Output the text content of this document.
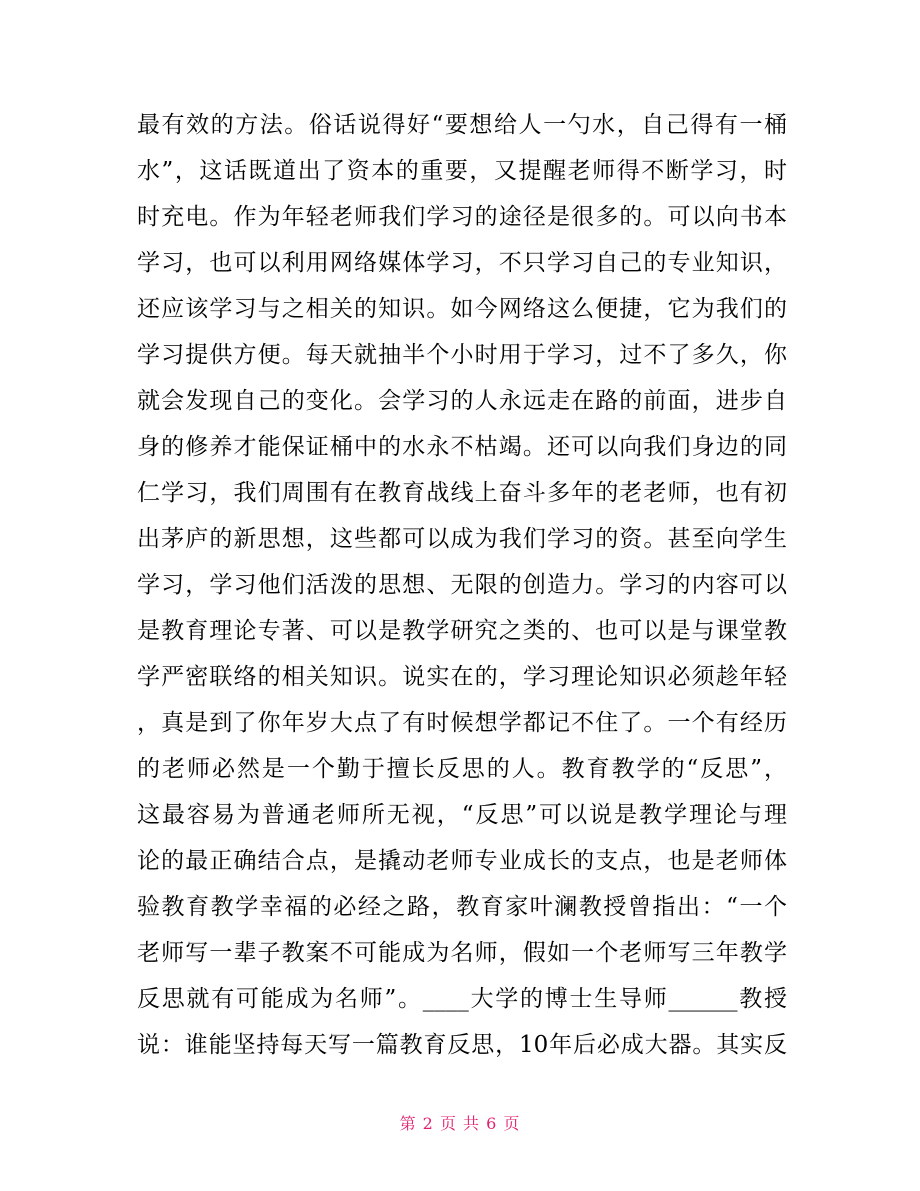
最有效的方法。俗话说得好“要想给人一勺水，自己得有一桶
水”，这话既道出了资本的重要，又提醒老师得不断学习，时
时充电。作为年轻老师我们学习的途径是很多的。可以向书本
学习，也可以利用网络媒体学习，不只学习自己的专业知识，
还应该学习与之相关的知识。如今网络这么便捷，它为我们的
学习提供方便。每天就抽半个小时用于学习，过不了多久，你
就会发现自己的变化。会学习的人永远走在路的前面，进步自
身的修养才能保证桶中的水永不枯竭。还可以向我们身边的同
仁学习，我们周围有在教育战线上奋斗多年的老老师，也有初
出茅庐的新思想，这些都可以成为我们学习的资。甚至向学生
学习，学习他们活泼的思想、无限的创造力。学习的内容可以
是教育理论专著、可以是教学研究之类的、也可以是与课堂教
学严密联络的相关知识。说实在的，学习理论知识必须趁年轻
，真是到了你年岁大点了有时候想学都记不住了。一个有经历
的老师必然是一个勤于擅长反思的人。教育教学的“反思”，
这最容易为普通老师所无视，“反思”可以说是教学理论与理
论的最正确结合点，是撬动老师专业成长的支点，也是老师体
验教育教学幸福的必经之路，教育家叶澜教授曾指出：“一个
老师写一辈子教案不可能成为名师，假如一个老师写三年教学
反思就有可能成为名师”。____大学的博士生导师______教授
说：谁能坚持每天写一篇教育反思，10年后必成大器。其实反
第 2 页 共 6 页
